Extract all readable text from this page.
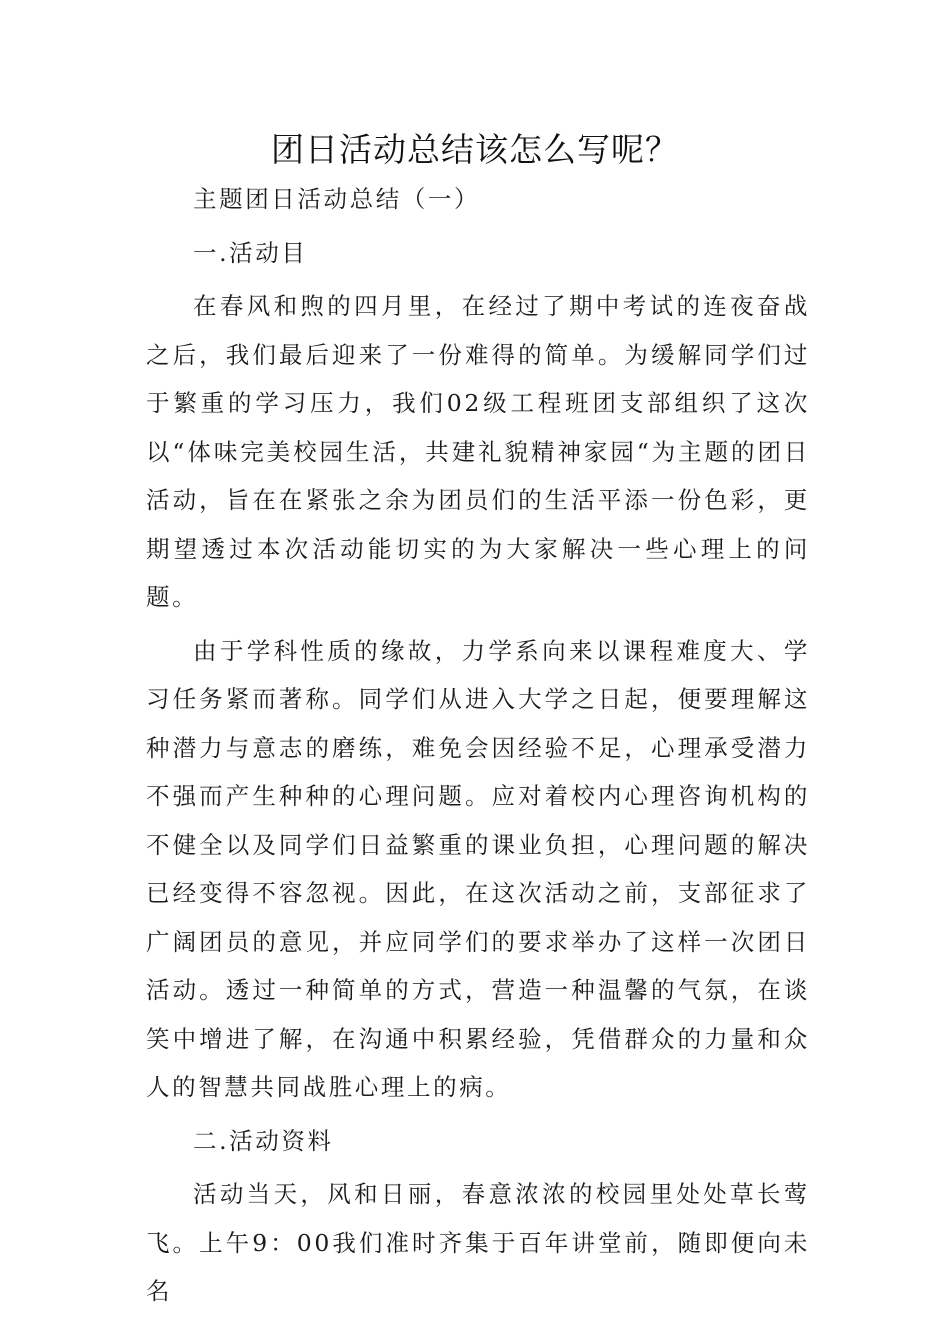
团日活动总结该怎么写呢？

主题团日活动总结（一）

一.活动目

在春风和煦的四月里，在经过了期中考试的连夜奋战之后，我们最后迎来了一份难得的简单。为缓解同学们过于繁重的学习压力，我们02级工程班团支部组织了这次以“体味完美校园生活，共建礼貌精神家园“为主题的团日活动，旨在在紧张之余为团员们的生活平添一份色彩，更期望透过本次活动能切实的为大家解决一些心理上的问题。

由于学科性质的缘故，力学系向来以课程难度大、学习任务紧而著称。同学们从进入大学之日起，便要理解这种潜力与意志的磨练，难免会因经验不足，心理承受潜力不强而产生种种的心理问题。应对着校内心理咨询机构的不健全以及同学们日益繁重的课业负担，心理问题的解决已经变得不容忽视。因此，在这次活动之前，支部征求了广阔团员的意见，并应同学们的要求举办了这样一次团日活动。透过一种简单的方式，营造一种温馨的气氛，在谈笑中增进了解，在沟通中积累经验，凭借群众的力量和众人的智慧共同战胜心理上的病。

二.活动资料

活动当天，风和日丽，春意浓浓的校园里处处草长莺飞。上午9：00我们准时齐集于百年讲堂前，随即便向未名
